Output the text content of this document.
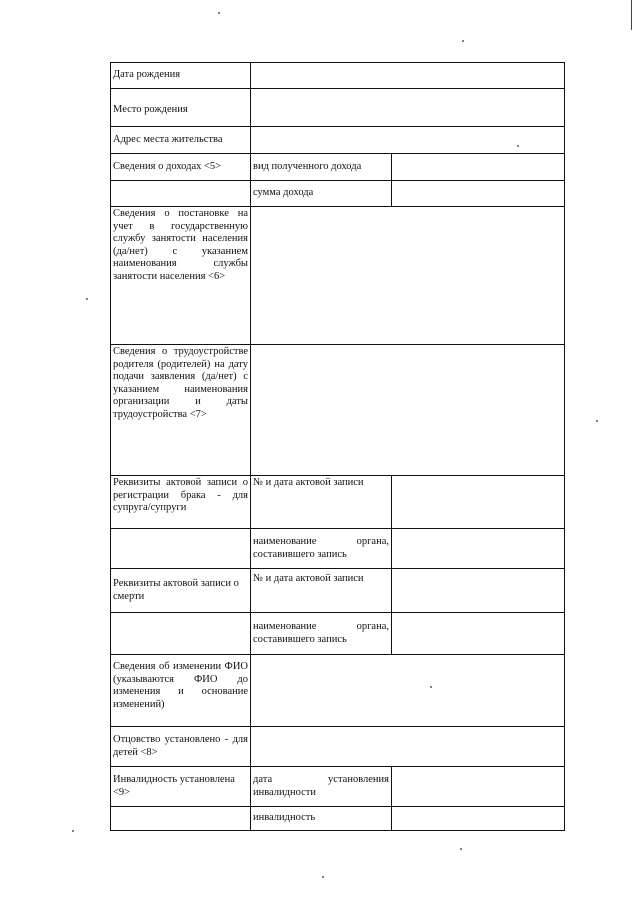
Дата рождения		
Место рождения		
Адрес места жительства		
Сведения о доходах <5>	вид полученного дохода	
	сумма дохода	
Сведения о постановке на учет в государственную службу занятости населения (да/нет) с указанием наименования службы занятости населения <6>		
Сведения о трудоустройстве родителя (родителей) на дату подачи заявления (да/нет) с указанием наименования организации и даты трудоустройства <7>		
Реквизиты актовой записи о регистрации брака - для супруга/супруги	№ и дата актовой записи	
	наименование органа, составившего запись	
Реквизиты актовой записи о смерти	№ и дата актовой записи	
	наименование органа, составившего запись	
Сведения об изменении ФИО (указываются ФИО до изменения и основание изменений)		
Отцовство установлено - для детей <8>		
Инвалидность установлена <9>	дата установления инвалидности	
	инвалидность	
